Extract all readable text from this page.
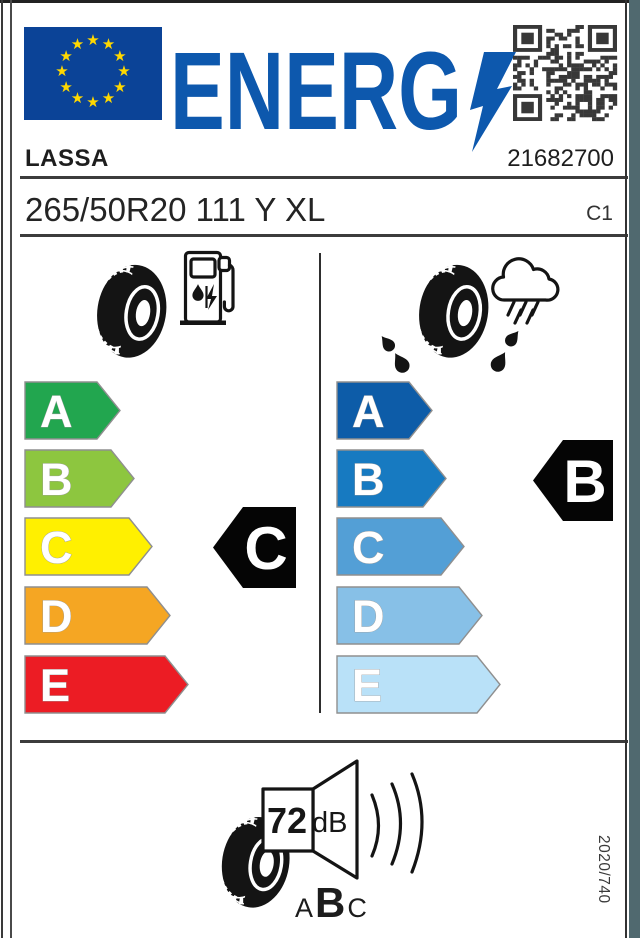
ENERG
A
B
C
D
E
A
B
C
D
E
C
B
72 dB
★ ★
★
★
★
★
★
★
★
★
★
★
LASSA	21682700
265/50R20 111 Y XL	C1
A B C
2020/740
